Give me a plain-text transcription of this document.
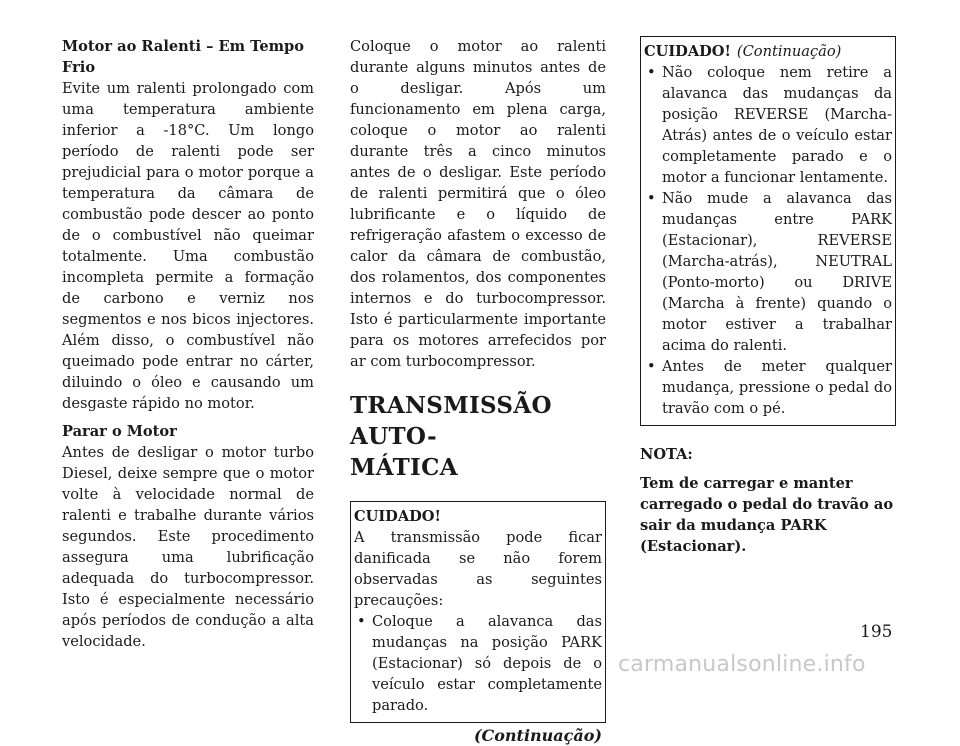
Motor ao Ralenti – Em Tempo Frio

Evite um ralenti prolongado com uma temperatura ambiente inferior a -18°C. Um longo período de ralenti pode ser prejudicial para o motor porque a temperatura da câmara de combustão pode descer ao ponto de o combustível não queimar totalmente. Uma combustão incompleta permite a formação de carbono e verniz nos segmentos e nos bicos injectores. Além disso, o combustível não queimado pode entrar no cárter, diluindo o óleo e causando um desgaste rápido no motor.

Parar o Motor

Antes de desligar o motor turbo Diesel, deixe sempre que o motor volte à velocidade normal de ralenti e trabalhe durante vários segundos. Este procedimento assegura uma lubrificação adequada do turbocompressor. Isto é especialmente necessário após períodos de condução a alta velocidade.

Coloque o motor ao ralenti durante alguns minutos antes de o desligar. Após um funcionamento em plena carga, coloque o motor ao ralenti durante três a cinco minutos antes de o desligar. Este período de ralenti permitirá que o óleo lubrificante e o líquido de refrigeração afastem o excesso de calor da câmara de combustão, dos rolamentos, dos componentes internos e do turbocompressor. Isto é particularmente importante para os motores arrefecidos por ar com turbocompressor.

TRANSMISSÃO AUTO-
MÁTICA
CUIDADO!

A transmissão pode ficar danificada se não forem observadas as seguintes precauções:

• Coloque a alavanca das mudanças na posição PARK (Estacionar) só depois de o veículo estar completamente parado.
(Continuação)
CUIDADO! (Continuação)
• Não coloque nem retire a alavanca das mudanças da posição REVERSE (Marcha-Atrás) antes de o veículo estar completamente parado e o motor a funcionar lentamente.
• Não mude a alavanca das mudanças entre PARK (Estacionar), REVERSE (Marcha-atrás), NEUTRAL (Ponto-morto) ou DRIVE (Marcha à frente) quando o motor estiver a trabalhar acima do ralenti.
• Antes de meter qualquer mudança, pressione o pedal do travão com o pé.
NOTA:

Tem de carregar e manter carregado o pedal do travão ao sair da mudança PARK (Estacionar).

195
carmanualsonline.info
